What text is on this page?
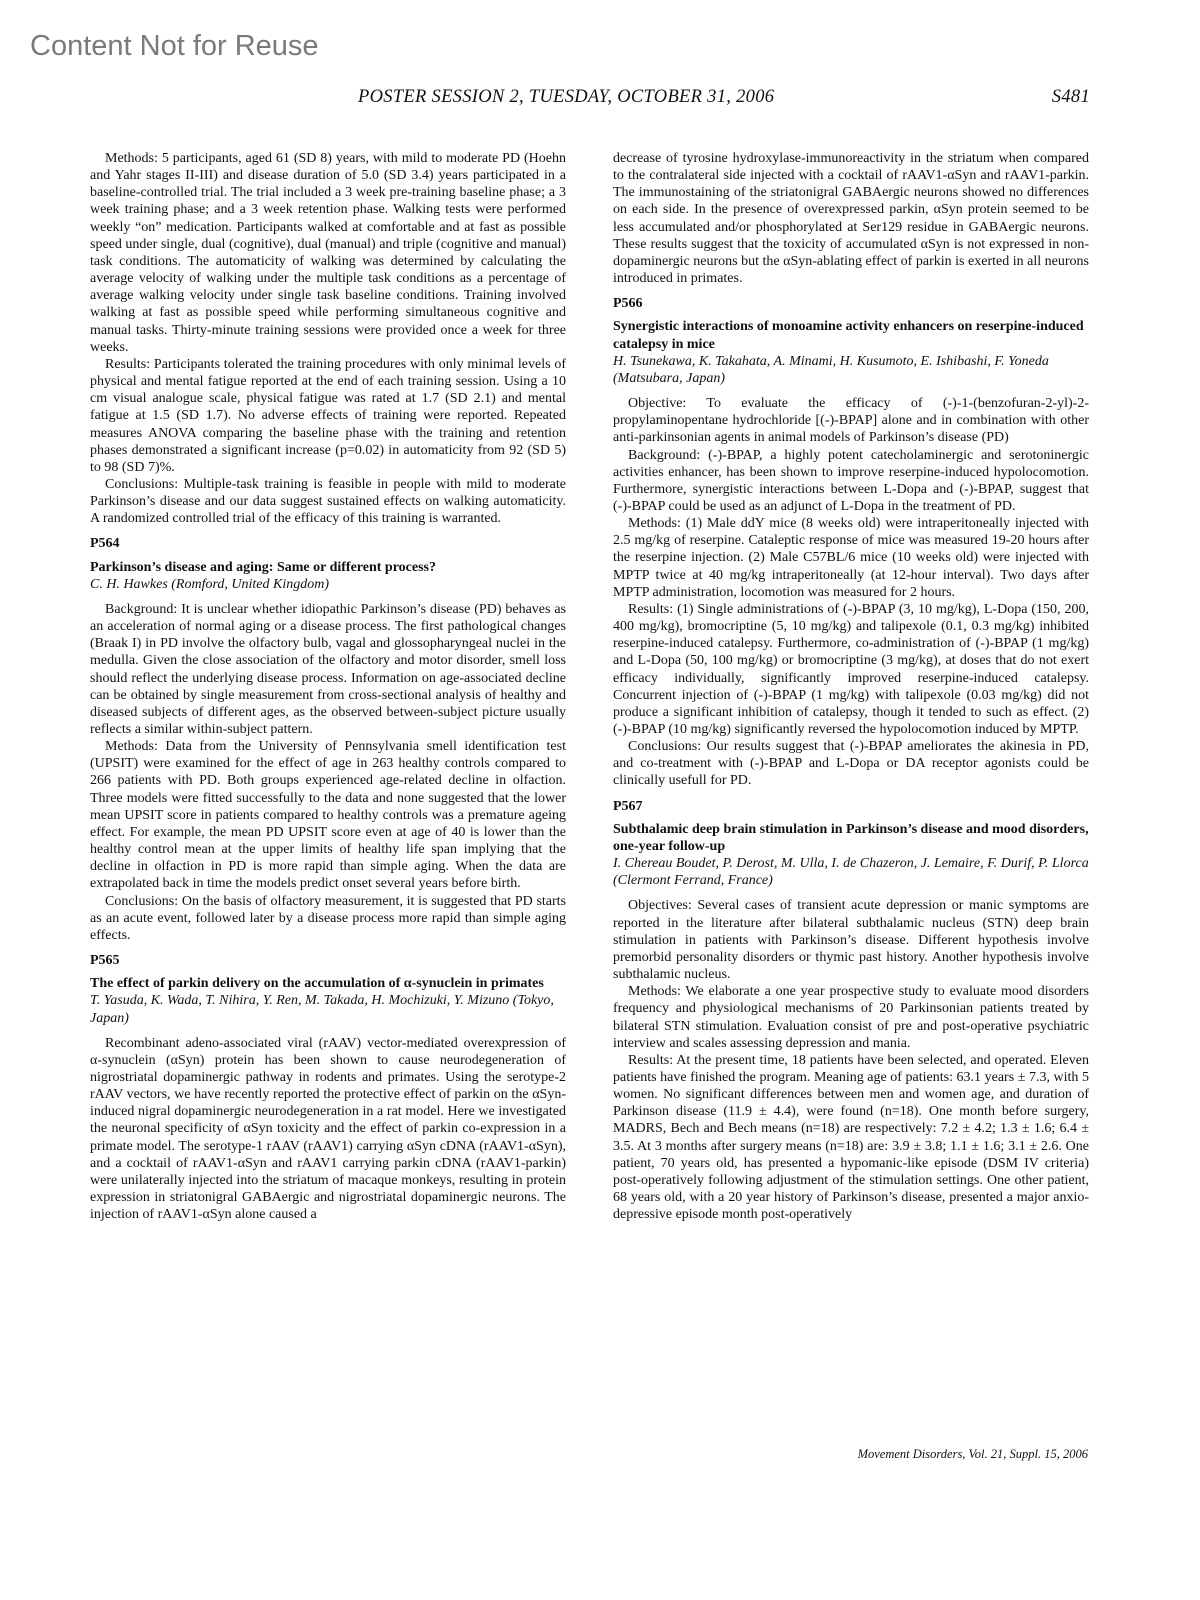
Content Not for Reuse
POSTER SESSION 2, TUESDAY, OCTOBER 31, 2006	S481

Methods: 5 participants, aged 61 (SD 8) years, with mild to moderate PD (Hoehn and Yahr stages II-III) and disease duration of 5.0 (SD 3.4) years participated in a baseline-controlled trial. The trial included a 3 week pre-training baseline phase; a 3 week training phase; and a 3 week retention phase. Walking tests were performed weekly “on” medication. Participants walked at comfortable and at fast as possible speed under single, dual (cognitive), dual (manual) and triple (cognitive and manual) task conditions. The automaticity of walking was determined by calculating the average velocity of walking under the multiple task conditions as a percentage of average walking velocity under single task baseline conditions. Training involved walking at fast as possible speed while performing simultaneous cognitive and manual tasks. Thirty-minute training sessions were provided once a week for three weeks.

Results: Participants tolerated the training procedures with only minimal levels of physical and mental fatigue reported at the end of each training session. Using a 10 cm visual analogue scale, physical fatigue was rated at 1.7 (SD 2.1) and mental fatigue at 1.5 (SD 1.7). No adverse effects of training were reported. Repeated measures ANOVA comparing the baseline phase with the training and retention phases demonstrated a significant increase (p=0.02) in automaticity from 92 (SD 5) to 98 (SD 7)%.

Conclusions: Multiple-task training is feasible in people with mild to moderate Parkinson’s disease and our data suggest sustained effects on walking automaticity. A randomized controlled trial of the efficacy of this training is warranted.

P564
Parkinson’s disease and aging: Same or different process?
C. H. Hawkes (Romford, United Kingdom)

Background: It is unclear whether idiopathic Parkinson’s disease (PD) behaves as an acceleration of normal aging or a disease process. The first pathological changes (Braak I) in PD involve the olfactory bulb, vagal and glossopharyngeal nuclei in the medulla. Given the close association of the olfactory and motor disorder, smell loss should reflect the underlying disease process. Information on age-associated decline can be obtained by single measurement from cross-sectional analysis of healthy and diseased subjects of different ages, as the observed between-subject picture usually reflects a similar within-subject pattern.

Methods: Data from the University of Pennsylvania smell identification test (UPSIT) were examined for the effect of age in 263 healthy controls compared to 266 patients with PD. Both groups experienced age-related decline in olfaction. Three models were fitted successfully to the data and none suggested that the lower mean UPSIT score in patients compared to healthy controls was a premature ageing effect. For example, the mean PD UPSIT score even at age of 40 is lower than the healthy control mean at the upper limits of healthy life span implying that the decline in olfaction in PD is more rapid than simple aging. When the data are extrapolated back in time the models predict onset several years before birth.

Conclusions: On the basis of olfactory measurement, it is suggested that PD starts as an acute event, followed later by a disease process more rapid than simple aging effects.

P565
The effect of parkin delivery on the accumulation of α-synuclein in primates
T. Yasuda, K. Wada, T. Nihira, Y. Ren, M. Takada, H. Mochizuki, Y. Mizuno (Tokyo, Japan)

Recombinant adeno-associated viral (rAAV) vector-mediated overexpression of α-synuclein (αSyn) protein has been shown to cause neurodegeneration of nigrostriatal dopaminergic pathway in rodents and primates. Using the serotype-2 rAAV vectors, we have recently reported the protective effect of parkin on the αSyn-induced nigral dopaminergic neurodegeneration in a rat model. Here we investigated the neuronal specificity of αSyn toxicity and the effect of parkin co-expression in a primate model. The serotype-1 rAAV (rAAV1) carrying αSyn cDNA (rAAV1-αSyn), and a cocktail of rAAV1-αSyn and rAAV1 carrying parkin cDNA (rAAV1-parkin) were unilaterally injected into the striatum of macaque monkeys, resulting in protein expression in striatonigral GABAergic and nigrostriatal dopaminergic neurons. The injection of rAAV1-αSyn alone caused a

decrease of tyrosine hydroxylase-immunoreactivity in the striatum when compared to the contralateral side injected with a cocktail of rAAV1-αSyn and rAAV1-parkin. The immunostaining of the striatonigral GABAergic neurons showed no differences on each side. In the presence of overexpressed parkin, αSyn protein seemed to be less accumulated and/or phosphorylated at Ser129 residue in GABAergic neurons. These results suggest that the toxicity of accumulated αSyn is not expressed in non-dopaminergic neurons but the αSyn-ablating effect of parkin is exerted in all neurons introduced in primates.

P566
Synergistic interactions of monoamine activity enhancers on reserpine-induced catalepsy in mice
H. Tsunekawa, K. Takahata, A. Minami, H. Kusumoto, E. Ishibashi, F. Yoneda (Matsubara, Japan)

Objective: To evaluate the efficacy of (-)-1-(benzofuran-2-yl)-2-propylaminopentane hydrochloride [(-)-BPAP] alone and in combination with other anti-parkinsonian agents in animal models of Parkinson’s disease (PD)

Background: (-)-BPAP, a highly potent catecholaminergic and serotoninergic activities enhancer, has been shown to improve reserpine-induced hypolocomotion. Furthermore, synergistic interactions between L-Dopa and (-)-BPAP, suggest that (-)-BPAP could be used as an adjunct of L-Dopa in the treatment of PD.

Methods: (1) Male ddY mice (8 weeks old) were intraperitoneally injected with 2.5 mg/kg of reserpine. Cataleptic response of mice was measured 19-20 hours after the reserpine injection. (2) Male C57BL/6 mice (10 weeks old) were injected with MPTP twice at 40 mg/kg intraperitoneally (at 12-hour interval). Two days after MPTP administration, locomotion was measured for 2 hours.

Results: (1) Single administrations of (-)-BPAP (3, 10 mg/kg), L-Dopa (150, 200, 400 mg/kg), bromocriptine (5, 10 mg/kg) and talipexole (0.1, 0.3 mg/kg) inhibited reserpine-induced catalepsy. Furthermore, co-administration of (-)-BPAP (1 mg/kg) and L-Dopa (50, 100 mg/kg) or bromocriptine (3 mg/kg), at doses that do not exert efficacy individually, significantly improved reserpine-induced catalepsy. Concurrent injection of (-)-BPAP (1 mg/kg) with talipexole (0.03 mg/kg) did not produce a significant inhibition of catalepsy, though it tended to such as effect. (2) (-)-BPAP (10 mg/kg) significantly reversed the hypolocomotion induced by MPTP.

Conclusions: Our results suggest that (-)-BPAP ameliorates the akinesia in PD, and co-treatment with (-)-BPAP and L-Dopa or DA receptor agonists could be clinically usefull for PD.

P567
Subthalamic deep brain stimulation in Parkinson’s disease and mood disorders, one-year follow-up
I. Chereau Boudet, P. Derost, M. Ulla, I. de Chazeron, J. Lemaire, F. Durif, P. Llorca (Clermont Ferrand, France)

Objectives: Several cases of transient acute depression or manic symptoms are reported in the literature after bilateral subthalamic nucleus (STN) deep brain stimulation in patients with Parkinson’s disease. Different hypothesis involve premorbid personality disorders or thymic past history. Another hypothesis involve subthalamic nucleus.

Methods: We elaborate a one year prospective study to evaluate mood disorders frequency and physiological mechanisms of 20 Parkinsonian patients treated by bilateral STN stimulation. Evaluation consist of pre and post-operative psychiatric interview and scales assessing depression and mania.

Results: At the present time, 18 patients have been selected, and operated. Eleven patients have finished the program. Meaning age of patients: 63.1 years ± 7.3, with 5 women. No significant differences between men and women age, and duration of Parkinson disease (11.9 ± 4.4), were found (n=18). One month before surgery, MADRS, Bech and Bech means (n=18) are respectively: 7.2 ± 4.2; 1.3 ± 1.6; 6.4 ± 3.5. At 3 months after surgery means (n=18) are: 3.9 ± 3.8; 1.1 ± 1.6; 3.1 ± 2.6. One patient, 70 years old, has presented a hypomanic-like episode (DSM IV criteria) post-operatively following adjustment of the stimulation settings. One other patient, 68 years old, with a 20 year history of Parkinson’s disease, presented a major anxio-depressive episode month post-operatively

Movement Disorders, Vol. 21, Suppl. 15, 2006
